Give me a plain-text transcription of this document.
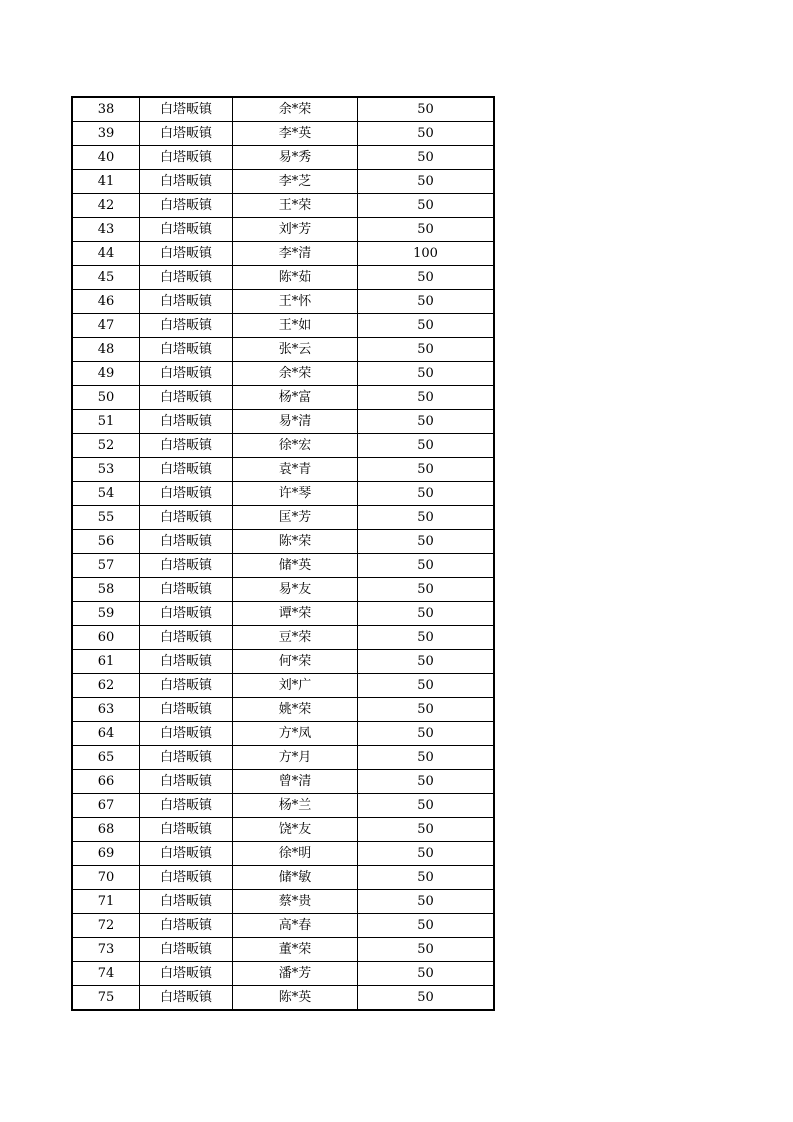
38	白塔畈镇	余*荣	50
39	白塔畈镇	李*英	50
40	白塔畈镇	易*秀	50
41	白塔畈镇	李*芝	50
42	白塔畈镇	王*荣	50
43	白塔畈镇	刘*芳	50
44	白塔畈镇	李*清	100
45	白塔畈镇	陈*茹	50
46	白塔畈镇	王*怀	50
47	白塔畈镇	王*如	50
48	白塔畈镇	张*云	50
49	白塔畈镇	余*荣	50
50	白塔畈镇	杨*富	50
51	白塔畈镇	易*清	50
52	白塔畈镇	徐*宏	50
53	白塔畈镇	袁*青	50
54	白塔畈镇	许*琴	50
55	白塔畈镇	匡*芳	50
56	白塔畈镇	陈*荣	50
57	白塔畈镇	储*英	50
58	白塔畈镇	易*友	50
59	白塔畈镇	谭*荣	50
60	白塔畈镇	豆*荣	50
61	白塔畈镇	何*荣	50
62	白塔畈镇	刘*广	50
63	白塔畈镇	姚*荣	50
64	白塔畈镇	方*凤	50
65	白塔畈镇	方*月	50
66	白塔畈镇	曾*清	50
67	白塔畈镇	杨*兰	50
68	白塔畈镇	饶*友	50
69	白塔畈镇	徐*明	50
70	白塔畈镇	储*敏	50
71	白塔畈镇	蔡*贵	50
72	白塔畈镇	高*春	50
73	白塔畈镇	董*荣	50
74	白塔畈镇	潘*芳	50
75	白塔畈镇	陈*英	50
